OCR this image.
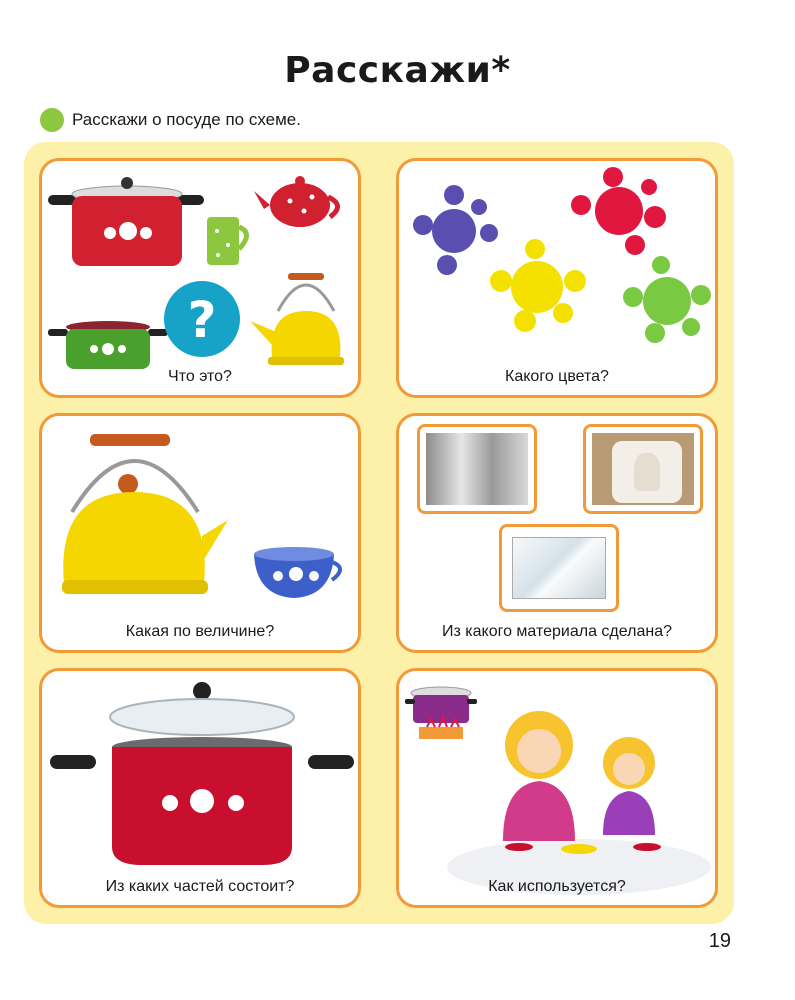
Расскажи*
Расскажи о посуде по схеме.
?
Что это?	Какого цвета?
Какая по величине?	Из какого материала сделана?
Из каких частей состоит?	Как используется?
19
